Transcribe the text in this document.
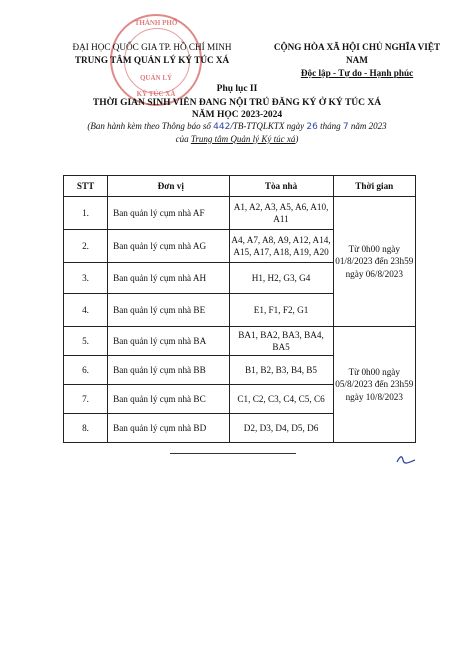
THÀNH PHỐ
QUẢN LÝ
KÝ TÚC XÁ
ĐẠI HỌC QUỐC GIA TP. HỒ CHÍ MINH
TRUNG TÂM QUẢN LÝ KÝ TÚC XÁ
CỘNG HÒA XÃ HỘI CHỦ NGHĨA VIỆT NAM
Độc lập - Tự do - Hạnh phúc
Phụ lục II
THỜI GIAN SINH VIÊN ĐANG NỘI TRÚ ĐĂNG KÝ Ở KÝ TÚC XÁ
NĂM HỌC 2023-2024
(Ban hành kèm theo Thông báo số 442/TB-TTQLKTX ngày 26 tháng 7 năm 2023
của Trung tâm Quản lý Ký túc xá)
STT	Đơn vị	Tòa nhà	Thời gian
1.	Ban quản lý cụm nhà AF	A1, A2, A3, A5, A6, A10, A11	Từ 0h00 ngày 01/8/2023 đến 23h59 ngày 06/8/2023
2.	Ban quản lý cụm nhà AG	A4, A7, A8, A9, A12, A14, A15, A17, A18, A19, A20	
3.	Ban quản lý cụm nhà AH	H1, H2, G3, G4	
4.	Ban quản lý cụm nhà BE	E1, F1, F2, G1	
5.	Ban quản lý cụm nhà BA	BA1, BA2, BA3, BA4, BA5	Từ 0h00 ngày 05/8/2023 đến 23h59 ngày 10/8/2023
6.	Ban quản lý cụm nhà BB	B1, B2, B3, B4, B5	
7.	Ban quản lý cụm nhà BC	C1, C2, C3, C4, C5, C6	
8.	Ban quản lý cụm nhà BD	D2, D3, D4, D5, D6	
